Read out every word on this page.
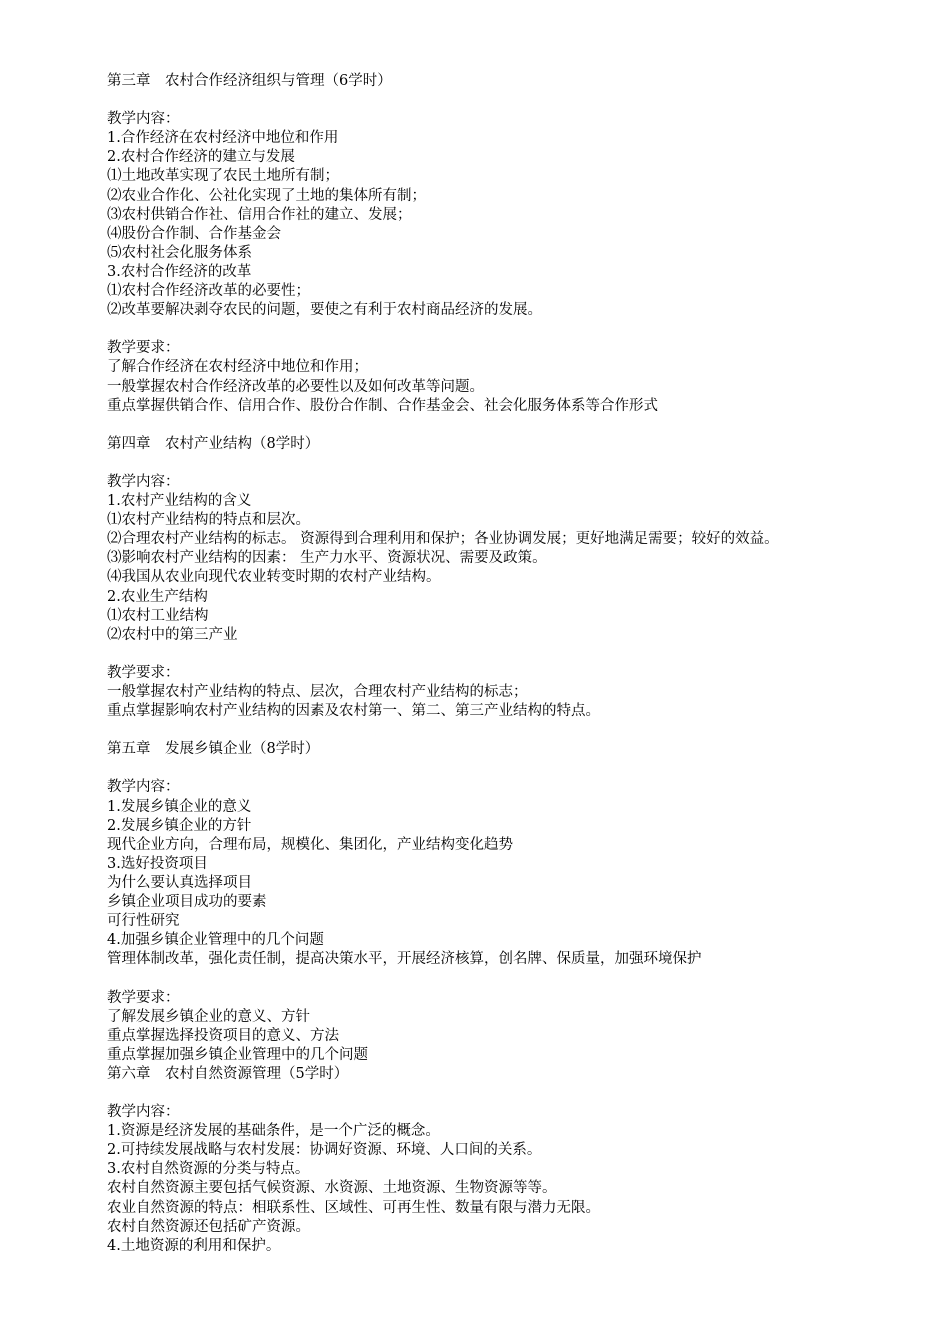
第三章　农村合作经济组织与管理（6学时）
教学内容：
1.合作经济在农村经济中地位和作用
2.农村合作经济的建立与发展
⑴土地改革实现了农民土地所有制；
⑵农业合作化、公社化实现了土地的集体所有制；
⑶农村供销合作社、信用合作社的建立、发展；
⑷股份合作制、合作基金会
⑸农村社会化服务体系
3.农村合作经济的改革
⑴农村合作经济改革的必要性；
⑵改革要解决剥夺农民的问题，要使之有利于农村商品经济的发展。
教学要求：
了解合作经济在农村经济中地位和作用；
一般掌握农村合作经济改革的必要性以及如何改革等问题。
重点掌握供销合作、信用合作、股份合作制、合作基金会、社会化服务体系等合作形式
第四章　农村产业结构（8学时）
教学内容：
1.农村产业结构的含义
⑴农村产业结构的特点和层次。
⑵合理农村产业结构的标志。 资源得到合理利用和保护；各业协调发展；更好地满足需要；较好的效益。
⑶影响农村产业结构的因素： 生产力水平、资源状况、需要及政策。
⑷我国从农业向现代农业转变时期的农村产业结构。
2.农业生产结构
⑴农村工业结构
⑵农村中的第三产业
教学要求：
一般掌握农村产业结构的特点、层次，合理农村产业结构的标志；
重点掌握影响农村产业结构的因素及农村第一、第二、第三产业结构的特点。
第五章　发展乡镇企业（8学时）
教学内容：
1.发展乡镇企业的意义
2.发展乡镇企业的方针
现代企业方向，合理布局，规模化、集团化，产业结构变化趋势
3.选好投资项目
为什么要认真选择项目
乡镇企业项目成功的要素
可行性研究
4.加强乡镇企业管理中的几个问题
管理体制改革，强化责任制，提高决策水平，开展经济核算，创名牌、保质量，加强环境保护
教学要求：
了解发展乡镇企业的意义、方针
重点掌握选择投资项目的意义、方法
重点掌握加强乡镇企业管理中的几个问题
第六章　农村自然资源管理（5学时）
教学内容：
1.资源是经济发展的基础条件，是一个广泛的概念。
2.可持续发展战略与农村发展：协调好资源、环境、人口间的关系。
3.农村自然资源的分类与特点。
农村自然资源主要包括气候资源、水资源、土地资源、生物资源等等。
农业自然资源的特点：相联系性、区域性、可再生性、数量有限与潜力无限。
农村自然资源还包括矿产资源。
4.土地资源的利用和保护。
